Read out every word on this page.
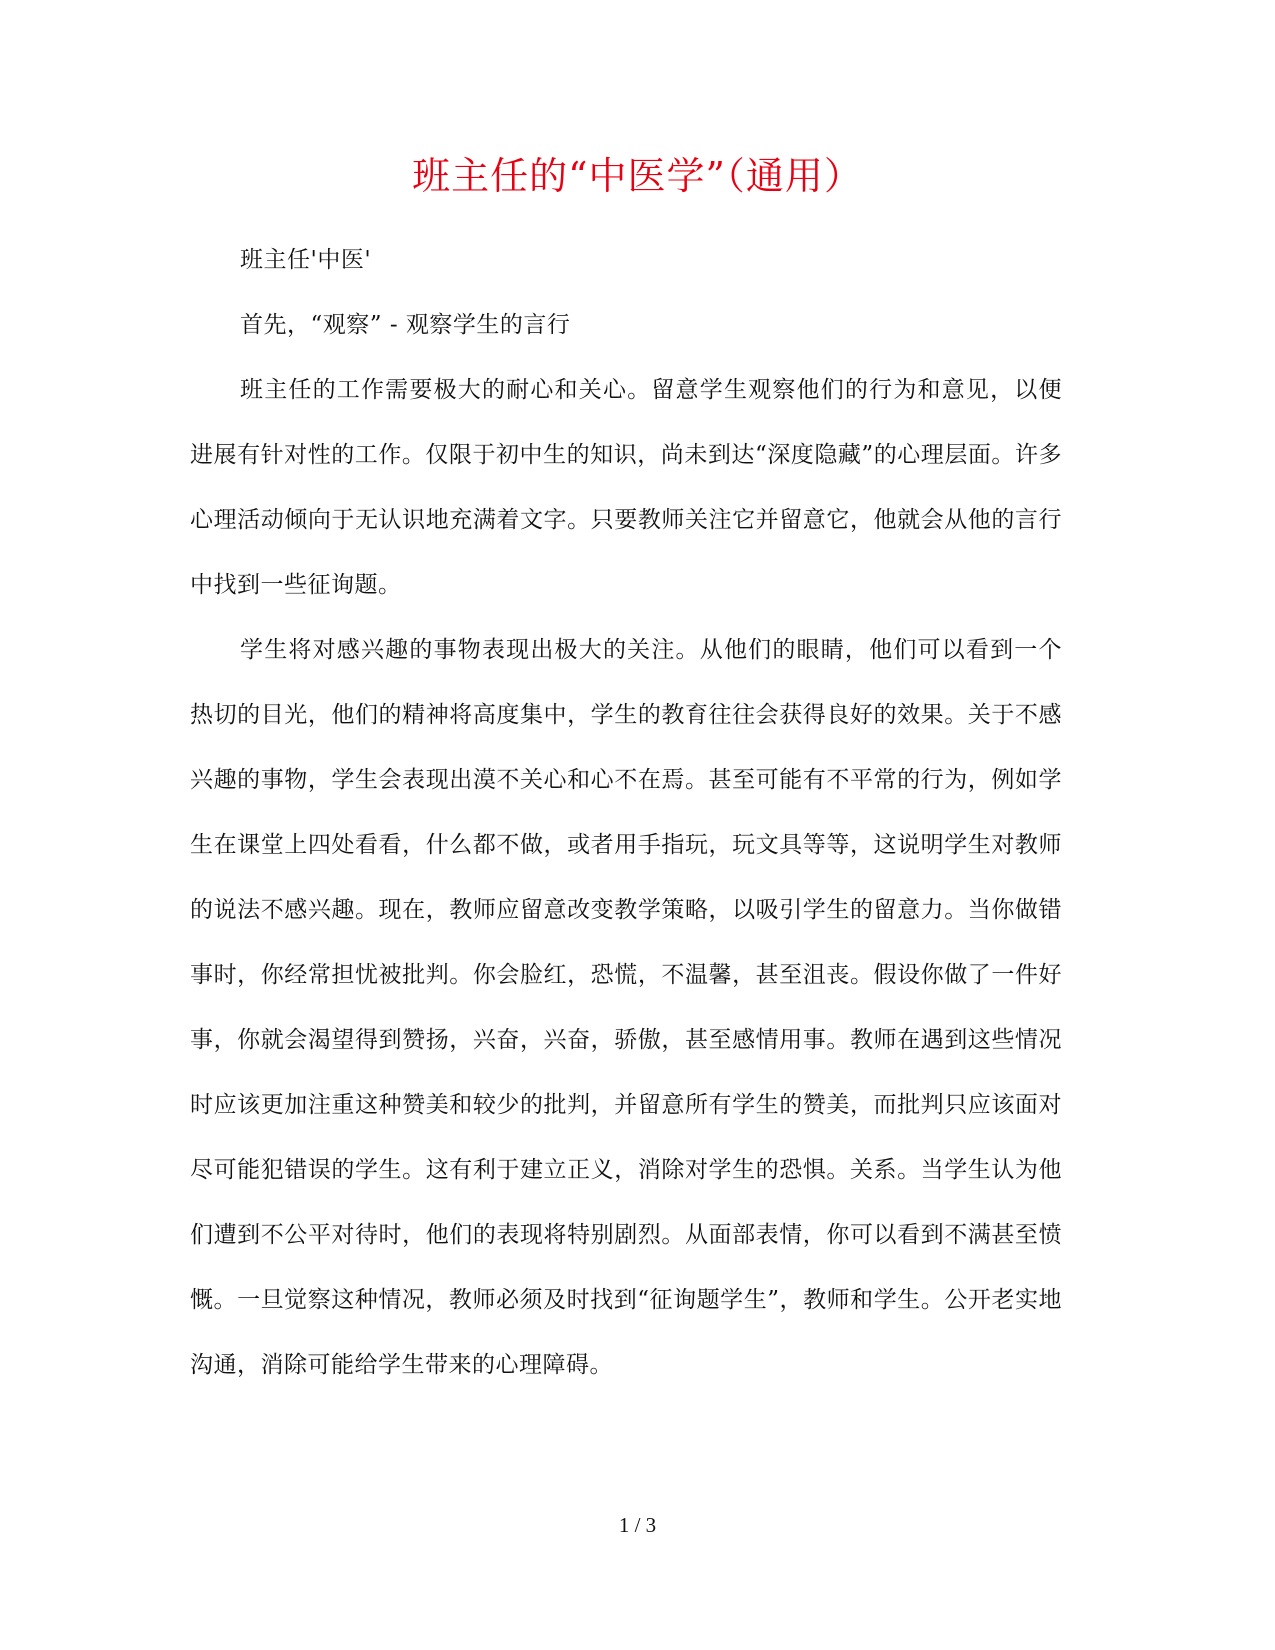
班主任的“中医学”（通用）

班主任'中医'

首先，“观察” - 观察学生的言行

班主任的工作需要极大的耐心和关心。留意学生观察他们的行为和意见，以便进展有针对性的工作。仅限于初中生的知识，尚未到达“深度隐藏”的心理层面。许多心理活动倾向于无认识地充满着文字。只要教师关注它并留意它，他就会从他的言行中找到一些征询题。

学生将对感兴趣的事物表现出极大的关注。从他们的眼睛，他们可以看到一个热切的目光，他们的精神将高度集中，学生的教育往往会获得良好的效果。关于不感兴趣的事物，学生会表现出漠不关心和心不在焉。甚至可能有不平常的行为，例如学生在课堂上四处看看，什么都不做，或者用手指玩，玩文具等等，这说明学生对教师的说法不感兴趣。现在，教师应留意改变教学策略，以吸引学生的留意力。当你做错事时，你经常担忧被批判。你会脸红，恐慌，不温馨，甚至沮丧。假设你做了一件好事，你就会渴望得到赞扬，兴奋，兴奋，骄傲，甚至感情用事。教师在遇到这些情况时应该更加注重这种赞美和较少的批判，并留意所有学生的赞美，而批判只应该面对尽可能犯错误的学生。这有利于建立正义，消除对学生的恐惧。关系。当学生认为他们遭到不公平对待时，他们的表现将特别剧烈。从面部表情，你可以看到不满甚至愤慨。一旦觉察这种情况，教师必须及时找到“征询题学生”，教师和学生。公开老实地沟通，消除可能给学生带来的心理障碍。

1 / 3
